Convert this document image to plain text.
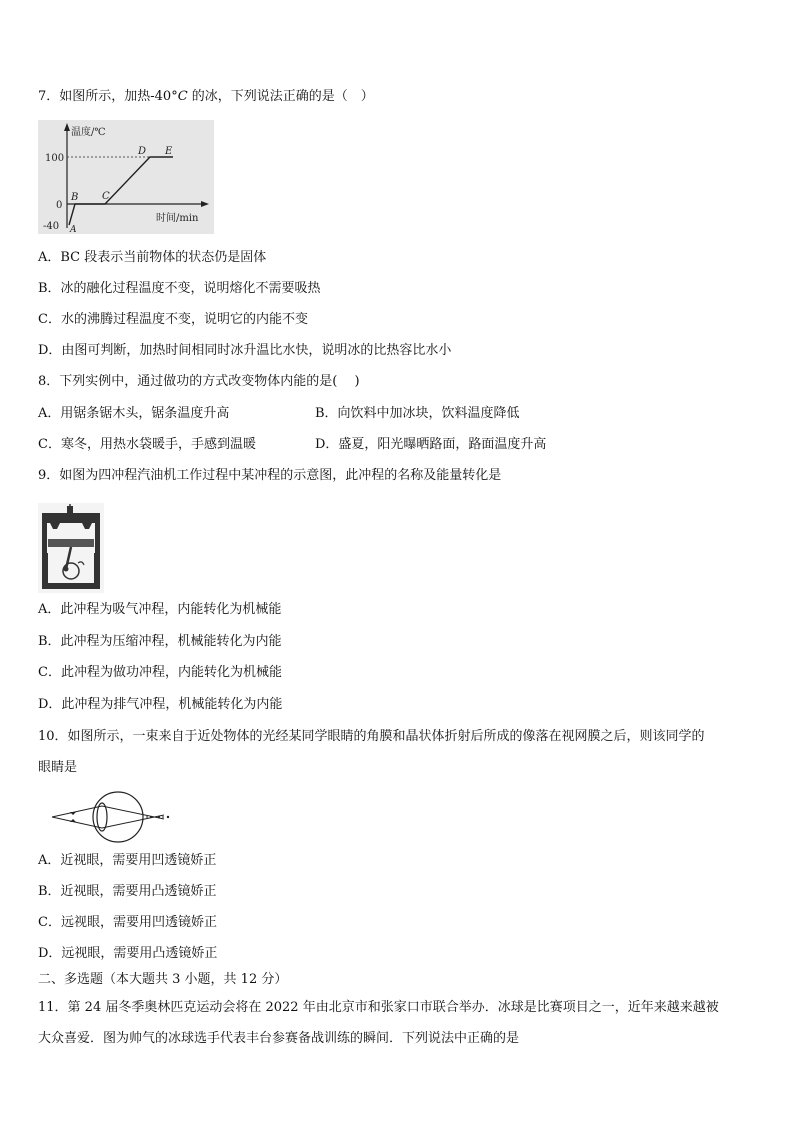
7．如图所示，加热-40°C 的冰，下列说法正确的是（　）
温度/℃
时间/min
100
0
-40 A
B C
D E
A．BC 段表示当前物体的状态仍是固体
B．冰的融化过程温度不变，说明熔化不需要吸热
C．水的沸腾过程温度不变，说明它的内能不变
D．由图可判断，加热时间相同时冰升温比水快，说明冰的比热容比水小
8．下列实例中，通过做功的方式改变物体内能的是(　 )
A．用锯条锯木头，锯条温度升高	B．向饮料中加冰块，饮料温度降低
C．寒冬，用热水袋暖手，手感到温暖	D．盛夏，阳光曝晒路面，路面温度升高
9．如图为四冲程汽油机工作过程中某冲程的示意图，此冲程的名称及能量转化是
A．此冲程为吸气冲程，内能转化为机械能
B．此冲程为压缩冲程，机械能转化为内能
C．此冲程为做功冲程，内能转化为机械能
D．此冲程为排气冲程，机械能转化为内能
10．如图所示，一束来自于近处物体的光经某同学眼睛的角膜和晶状体折射后所成的像落在视网膜之后，则该同学的
眼睛是
A．近视眼，需要用凹透镜娇正
B．近视眼，需要用凸透镜娇正
C．远视眼，需要用凹透镜娇正
D．远视眼，需要用凸透镜娇正
二、多选题（本大题共 3 小题，共 12 分）
11．第 24 届冬季奥林匹克运动会将在 2022 年由北京市和张家口市联合举办．冰球是比赛项目之一，近年来越来越被
大众喜爱．图为帅气的冰球选手代表丰台参赛备战训练的瞬间．下列说法中正确的是
